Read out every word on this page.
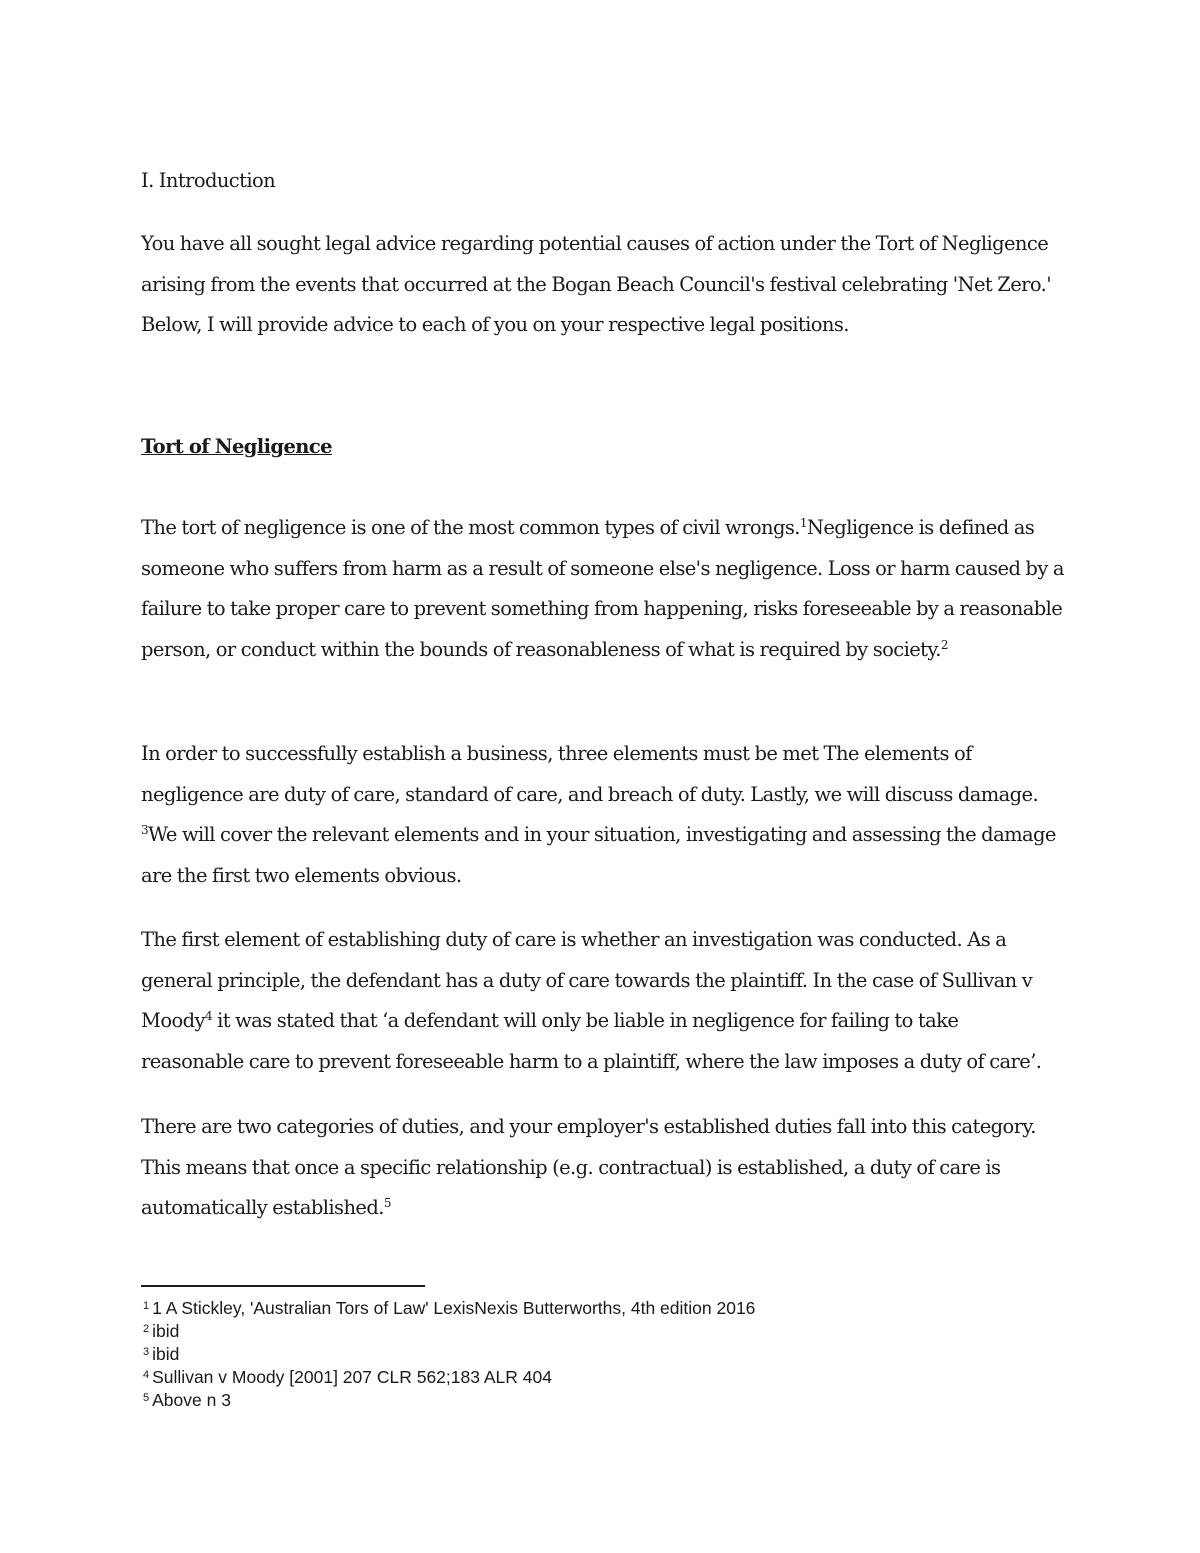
I. Introduction

You have all sought legal advice regarding potential causes of action under the Tort of Negligence arising from the events that occurred at the Bogan Beach Council's festival celebrating 'Net Zero.' Below, I will provide advice to each of you on your respective legal positions.

Tort of Negligence

The tort of negligence is one of the most common types of civil wrongs.$^1$Negligence is defined as someone who suffers from harm as a result of someone else's negligence. Loss or harm caused by a failure to take proper care to prevent something from happening, risks foreseeable by a reasonable person, or conduct within the bounds of reasonableness of what is required by society.$^2$

In order to successfully establish a business, three elements must be met The elements of negligence are duty of care, standard of care, and breach of duty. Lastly, we will discuss damage. $^3$We will cover the relevant elements and in your situation, investigating and assessing the damage are the first two elements obvious.

The first element of establishing duty of care is whether an investigation was conducted. As a general principle, the defendant has a duty of care towards the plaintiff. In the case of Sullivan v Moody$^4$ it was stated that ‘a defendant will only be liable in negligence for failing to take reasonable care to prevent foreseeable harm to a plaintiff, where the law imposes a duty of care’.

There are two categories of duties, and your employer's established duties fall into this category. This means that once a specific relationship (e.g. contractual) is established, a duty of care is automatically established.$^5$

$^1$ 1 A Stickley, 'Australian Tors of Law' LexisNexis Butterworths, 4th edition 2016
$^2$ ibid
$^3$ ibid
$^4$ Sullivan v Moody [2001] 207 CLR 562;183 ALR 404
$^5$ Above n 3
